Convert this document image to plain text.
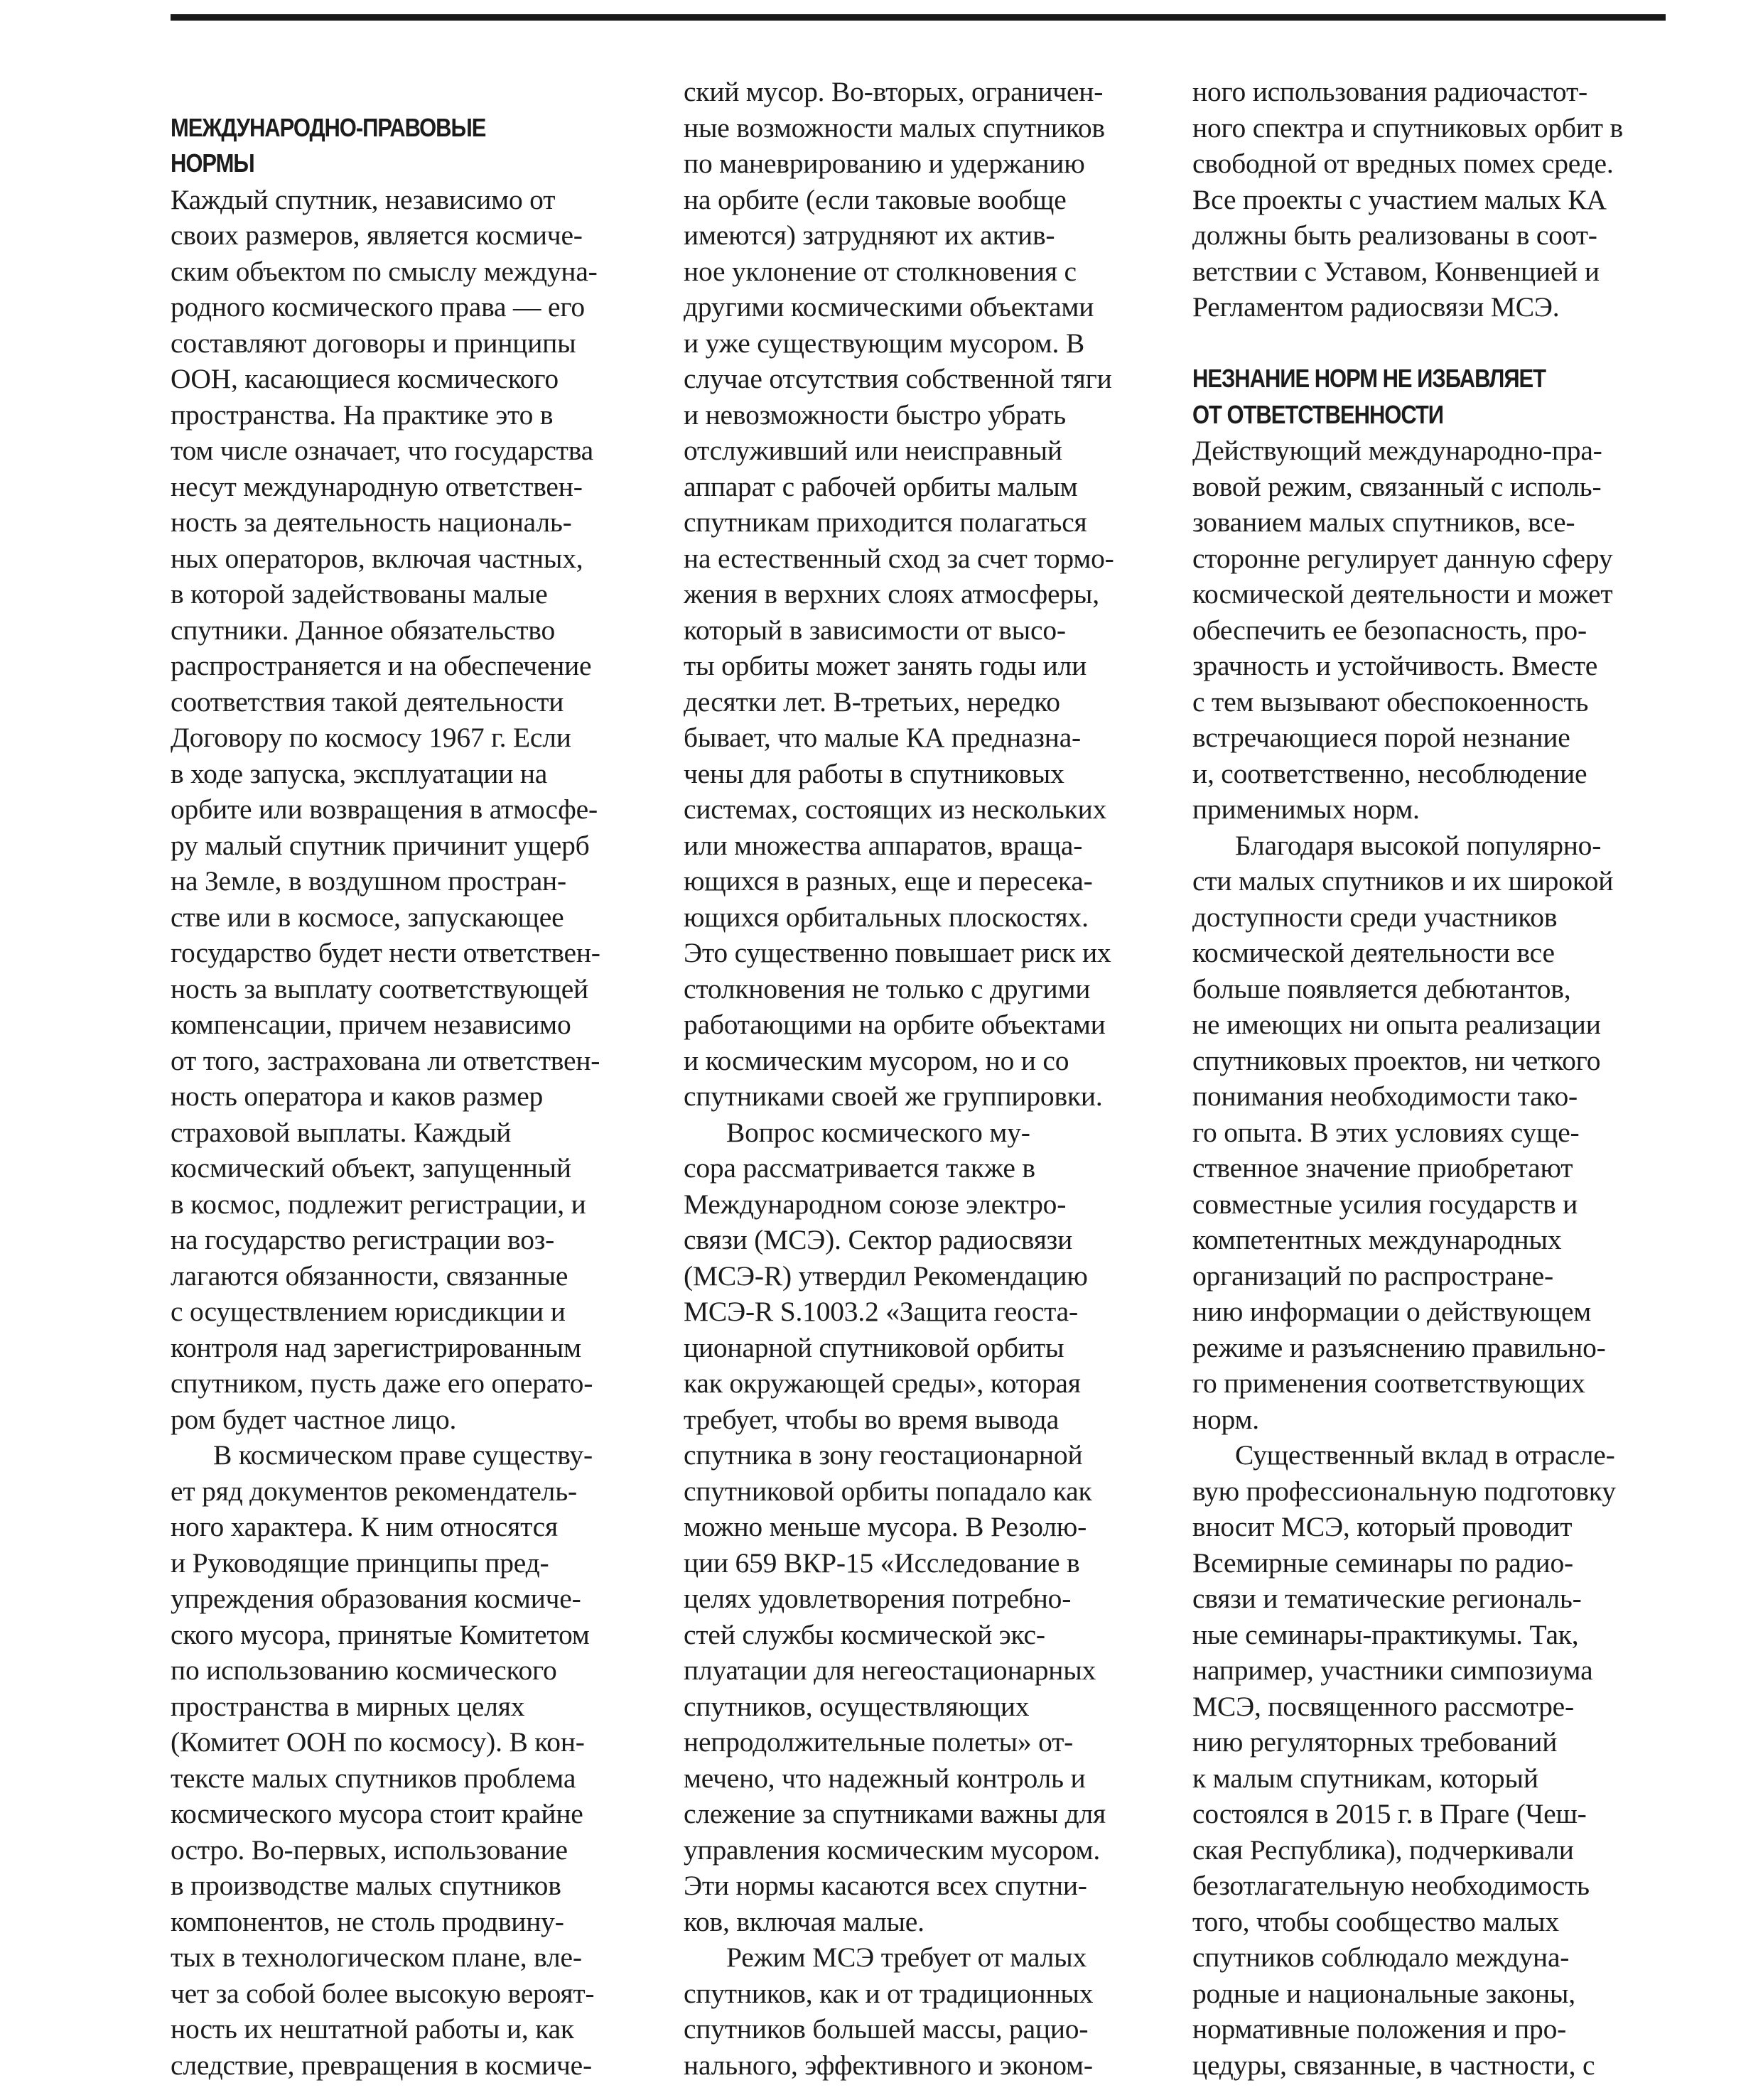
МЕЖДУНАРОДНО-ПРАВОВЫЕ
НОРМЫ
Каждый спутник, независимо от
своих размеров, является космиче-
ским объектом по смыслу междуна-
родного космического права — его
составляют договоры и принципы
ООН, касающиеся космического
пространства. На практике это в
том числе означает, что государства
несут международную ответствен-
ность за деятельность националь-
ных операторов, включая частных,
в которой задействованы малые
спутники. Данное обязательство
распространяется и на обеспечение
соответствия такой деятельности
Договору по космосу 1967 г. Если
в ходе запуска, эксплуатации на
орбите или возвращения в атмосфе-
ру малый спутник причинит ущерб
на Земле, в воздушном простран-
стве или в космосе, запускающее
государство будет нести ответствен-
ность за выплату соответствующей
компенсации, причем независимо
от того, застрахована ли ответствен-
ность оператора и каков размер
страховой выплаты. Каждый
космический объект, запущенный
в космос, подлежит регистрации, и
на государство регистрации воз-
лагаются обязанности, связанные
с осуществлением юрисдикции и
контроля над зарегистрированным
спутником, пусть даже его операто-
ром будет частное лицо.
В космическом праве существу-
ет ряд документов рекомендатель-
ного характера. К ним относятся
и Руководящие принципы пред-
упреждения образования космиче-
ского мусора, принятые Комитетом
по использованию космического
пространства в мирных целях
(Комитет ООН по космосу). В кон-
тексте малых спутников проблема
космического мусора стоит крайне
остро. Во-первых, использование
в производстве малых спутников
компонентов, не столь продвину-
тых в технологическом плане, вле-
чет за собой более высокую вероят-
ность их нештатной работы и, как
следствие, превращения в космиче-
ский мусор. Во-вторых, ограничен-
ные возможности малых спутников
по маневрированию и удержанию
на орбите (если таковые вообще
имеются) затрудняют их актив-
ное уклонение от столкновения с
другими космическими объектами
и уже существующим мусором. В
случае отсутствия собственной тяги
и невозможности быстро убрать
отслуживший или неисправный
аппарат с рабочей орбиты малым
спутникам приходится полагаться
на естественный сход за счет тормо-
жения в верхних слоях атмосферы,
который в зависимости от высо-
ты орбиты может занять годы или
десятки лет. В-третьих, нередко
бывает, что малые КА предназна-
чены для работы в спутниковых
системах, состоящих из нескольких
или множества аппаратов, враща-
ющихся в разных, еще и пересека-
ющихся орбитальных плоскостях.
Это существенно повышает риск их
столкновения не только с другими
работающими на орбите объектами
и космическим мусором, но и со
спутниками своей же группировки.
Вопрос космического му-
сора рассматривается также в
Международном союзе электро-
связи (МСЭ). Сектор радиосвязи
(МСЭ-R) утвердил Рекомендацию
МСЭ-R S.1003.2 «Защита геоста-
ционарной спутниковой орбиты
как окружающей среды», которая
требует, чтобы во время вывода
спутника в зону геостационарной
спутниковой орбиты попадало как
можно меньше мусора. В Резолю-
ции 659 ВКР-15 «Исследование в
целях удовлетворения потребно-
стей службы космической экс-
плуатации для негеостационарных
спутников, осуществляющих
непродолжительные полеты» от-
мечено, что надежный контроль и
слежение за спутниками важны для
управления космическим мусором.
Эти нормы касаются всех спутни-
ков, включая малые.
Режим МСЭ требует от малых
спутников, как и от традиционных
спутников большей массы, рацио-
нального, эффективного и эконом-
ного использования радиочастот-
ного спектра и спутниковых орбит в
свободной от вредных помех среде.
Все проекты с участием малых КА
должны быть реализованы в соот-
ветствии с Уставом, Конвенцией и
Регламентом радиосвязи МСЭ.
НЕЗНАНИЕ НОРМ НЕ ИЗБАВЛЯЕТ
ОТ ОТВЕТСТВЕННОСТИ
Действующий международно-пра-
вовой режим, связанный с исполь-
зованием малых спутников, все-
сторонне регулирует данную сферу
космической деятельности и может
обеспечить ее безопасность, про-
зрачность и устойчивость. Вместе
с тем вызывают обеспокоенность
встречающиеся порой незнание
и, соответственно, несоблюдение
применимых норм.
Благодаря высокой популярно-
сти малых спутников и их широкой
доступности среди участников
космической деятельности все
больше появляется дебютантов,
не имеющих ни опыта реализации
спутниковых проектов, ни четкого
понимания необходимости тако-
го опыта. В этих условиях суще-
ственное значение приобретают
совместные усилия государств и
компетентных международных
организаций по распростране-
нию информации о действующем
режиме и разъяснению правильно-
го применения соответствующих
норм.
Существенный вклад в отрасле-
вую профессиональную подготовку
вносит МСЭ, который проводит
Всемирные семинары по радио-
связи и тематические региональ-
ные семинары-практикумы. Так,
например, участники симпозиума
МСЭ, посвященного рассмотре-
нию регуляторных требований
к малым спутникам, который
состоялся в 2015 г. в Праге (Чеш-
ская Республика), подчеркивали
безотлагательную необходимость
того, чтобы сообщество малых
спутников соблюдало междуна-
родные и национальные законы,
нормативные положения и про-
цедуры, связанные, в частности, с
